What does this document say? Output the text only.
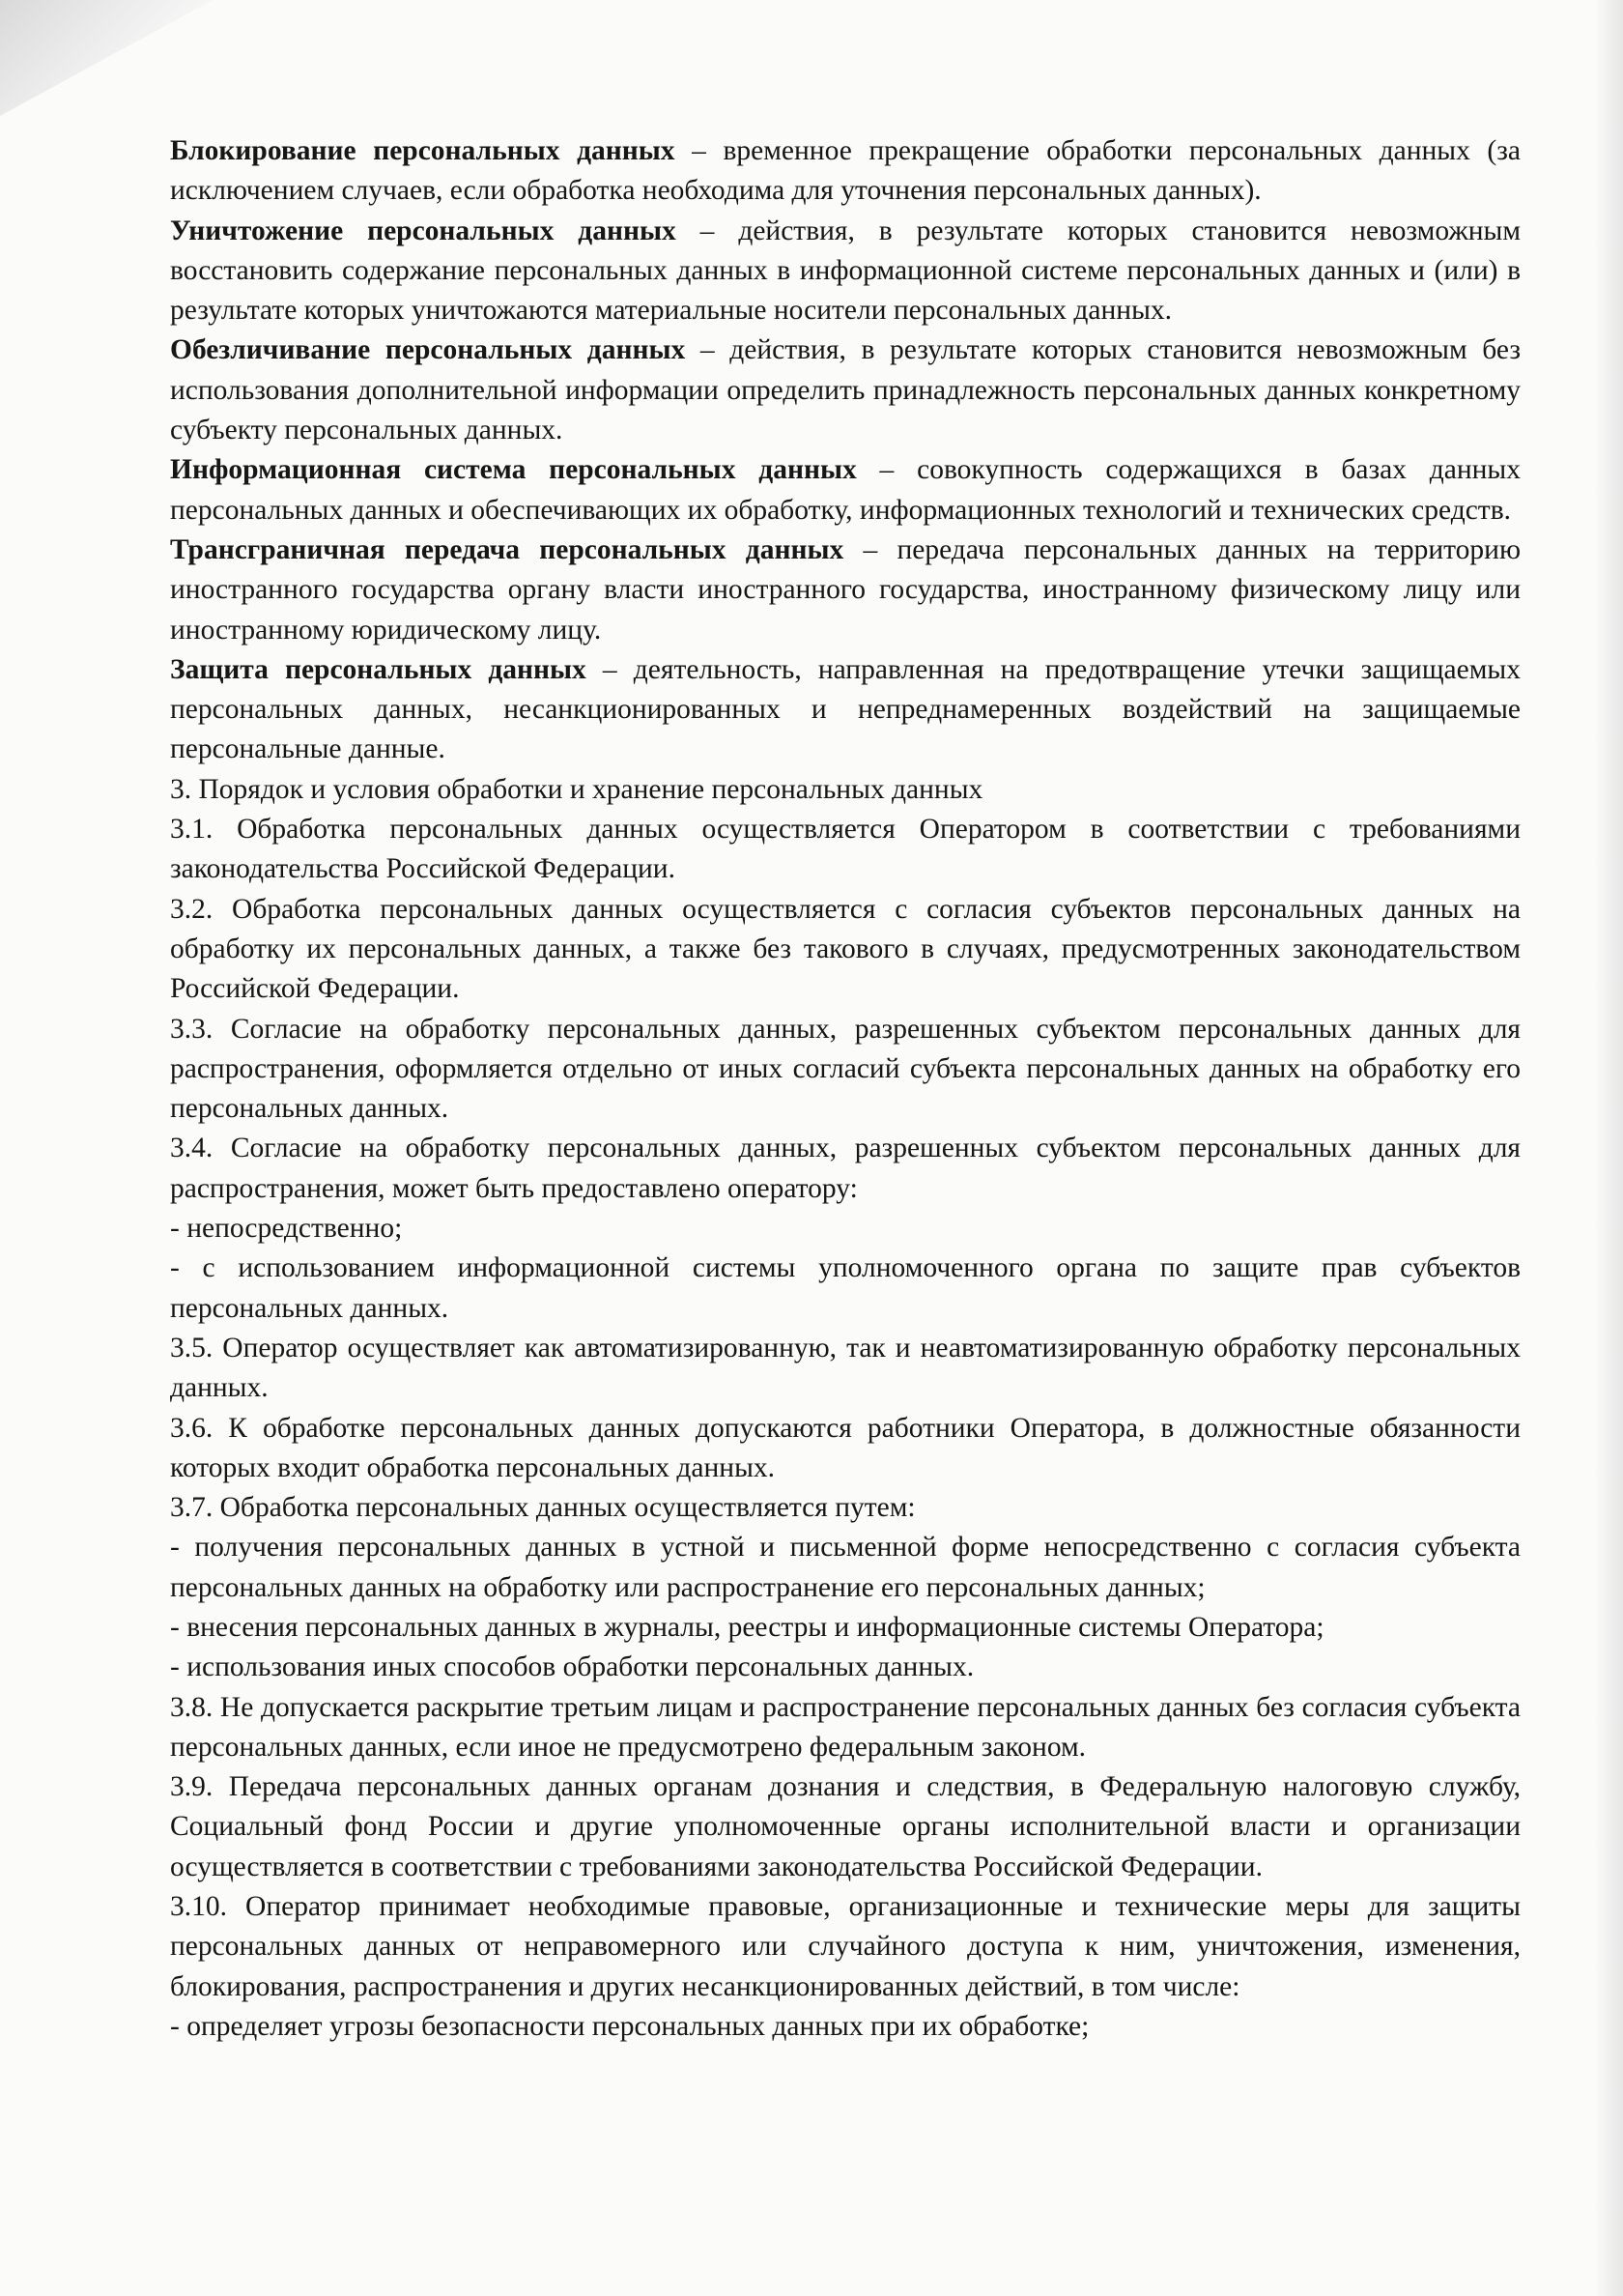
Блокирование персональных данных – временное прекращение обработки персональных данных (за исключением случаев, если обработка необходима для уточнения персональных данных).

Уничтожение персональных данных – действия, в результате которых становится невозможным восстановить содержание персональных данных в информационной системе персональных данных и (или) в результате которых уничтожаются материальные носители персональных данных.

Обезличивание персональных данных – действия, в результате которых становится невозможным без использования дополнительной информации определить принадлежность персональных данных конкретному субъекту персональных данных.

Информационная система персональных данных – совокупность содержащихся в базах данных персональных данных и обеспечивающих их обработку, информационных технологий и технических средств.

Трансграничная передача персональных данных – передача персональных данных на территорию иностранного государства органу власти иностранного государства, иностранному физическому лицу или иностранному юридическому лицу.

Защита персональных данных – деятельность, направленная на предотвращение утечки защищаемых персональных данных, несанкционированных и непреднамеренных воздействий на защищаемые персональные данные.

3. Порядок и условия обработки и хранение персональных данных

3.1. Обработка персональных данных осуществляется Оператором в соответствии с требованиями законодательства Российской Федерации.

3.2. Обработка персональных данных осуществляется с согласия субъектов персональных данных на обработку их персональных данных, а также без такового в случаях, предусмотренных законодательством Российской Федерации.

3.3. Согласие на обработку персональных данных, разрешенных субъектом персональных данных для распространения, оформляется отдельно от иных согласий субъекта персональных данных на обработку его персональных данных.

3.4. Согласие на обработку персональных данных, разрешенных субъектом персональных данных для распространения, может быть предоставлено оператору:

- непосредственно;

- с использованием информационной системы уполномоченного органа по защите прав субъектов персональных данных.

3.5. Оператор осуществляет как автоматизированную, так и неавтоматизированную обработку персональных данных.

3.6. К обработке персональных данных допускаются работники Оператора, в должностные обязанности которых входит обработка персональных данных.

3.7. Обработка персональных данных осуществляется путем:

- получения персональных данных в устной и письменной форме непосредственно с согласия субъекта персональных данных на обработку или распространение его персональных данных;

- внесения персональных данных в журналы, реестры и информационные системы Оператора;

- использования иных способов обработки персональных данных.

3.8. Не допускается раскрытие третьим лицам и распространение персональных данных без согласия субъекта персональных данных, если иное не предусмотрено федеральным законом.

3.9. Передача персональных данных органам дознания и следствия, в Федеральную налоговую службу, Социальный фонд России и другие уполномоченные органы исполнительной власти и организации осуществляется в соответствии с требованиями законодательства Российской Федерации.

3.10. Оператор принимает необходимые правовые, организационные и технические меры для защиты персональных данных от неправомерного или случайного доступа к ним, уничтожения, изменения, блокирования, распространения и других несанкционированных действий, в том числе:

- определяет угрозы безопасности персональных данных при их обработке;
